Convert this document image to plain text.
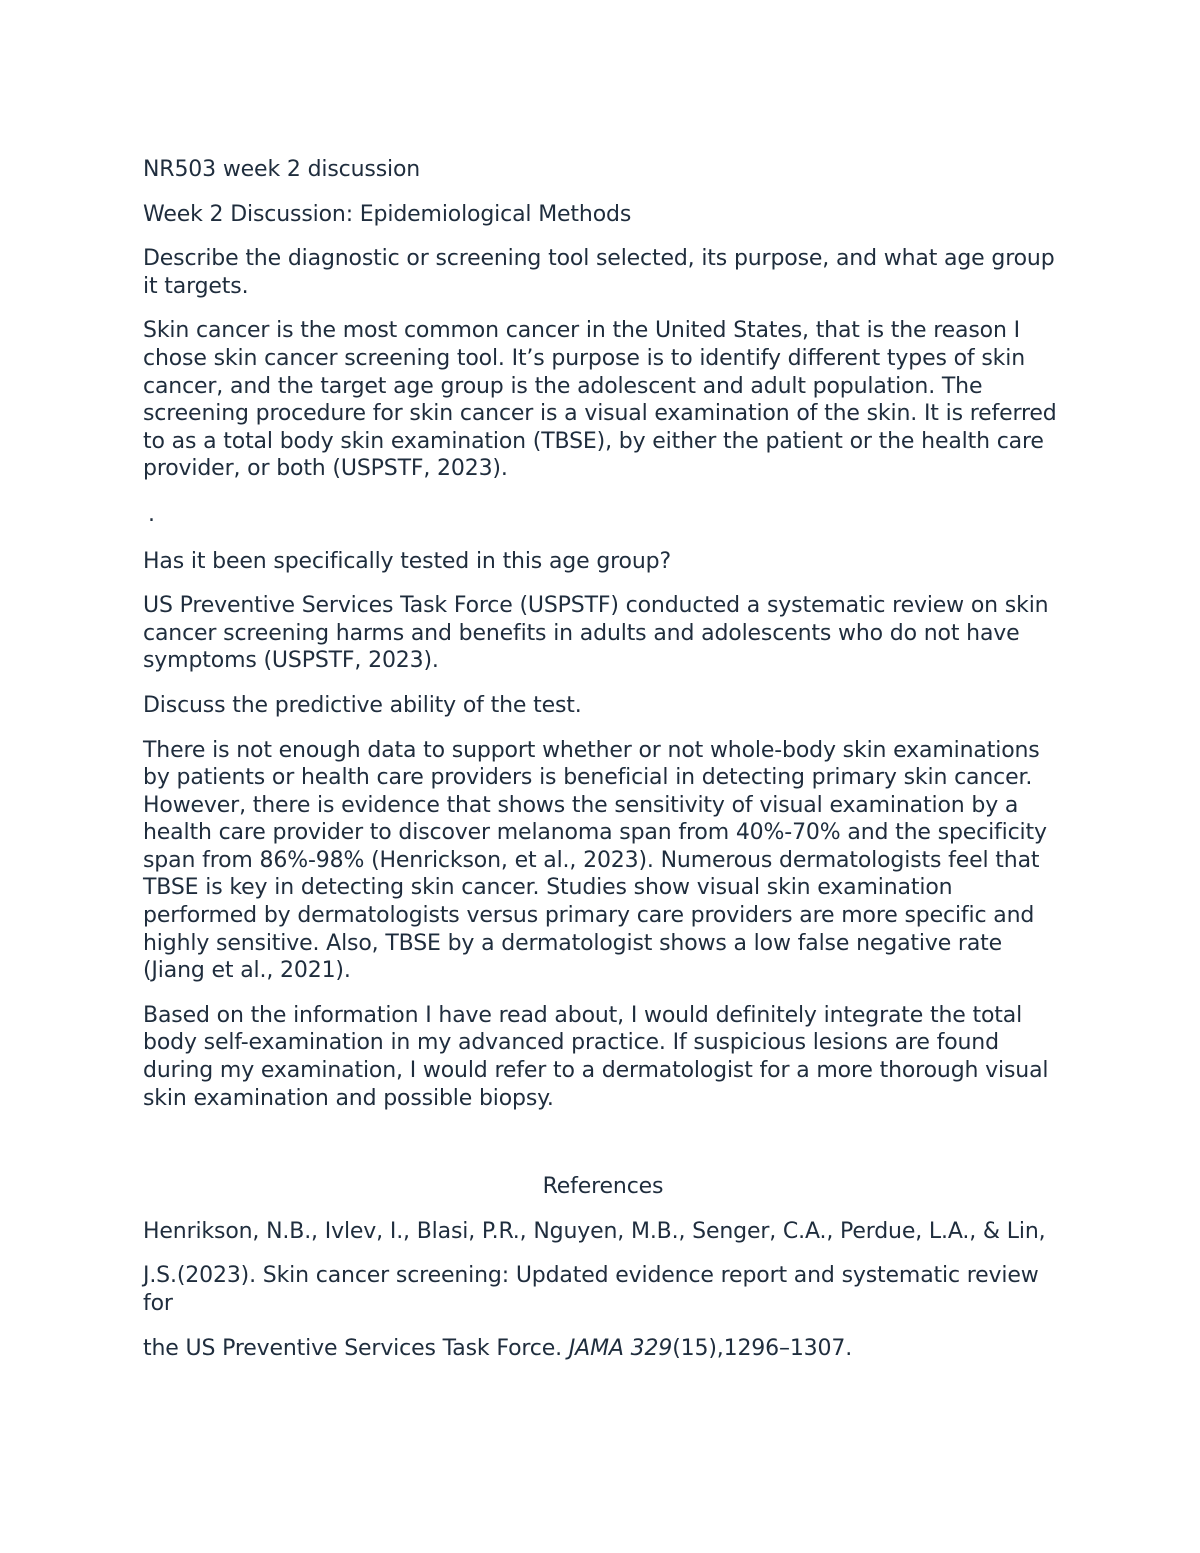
NR503 week 2 discussion

Week 2 Discussion: Epidemiological Methods

Describe the diagnostic or screening tool selected, its purpose, and what age group it targets.

Skin cancer is the most common cancer in the United States, that is the reason I chose skin cancer screening tool. It’s purpose is to identify different types of skin cancer, and the target age group is the adolescent and adult population. The screening procedure for skin cancer is a visual examination of the skin. It is referred to as a total body skin examination (TBSE), by either the patient or the health care provider, or both (USPSTF, 2023).

.

Has it been specifically tested in this age group?

US Preventive Services Task Force (USPSTF) conducted a systematic review on skin cancer screening harms and benefits in adults and adolescents who do not have symptoms (USPSTF, 2023).

Discuss the predictive ability of the test.

There is not enough data to support whether or not whole-body skin examinations by patients or health care providers is beneficial in detecting primary skin cancer. However, there is evidence that shows the sensitivity of visual examination by a health care provider to discover melanoma span from 40%-70% and the specificity span from 86%-98% (Henrickson, et al., 2023). Numerous dermatologists feel that TBSE is key in detecting skin cancer. Studies show visual skin examination performed by dermatologists versus primary care providers are more specific and highly sensitive. Also, TBSE by a dermatologist shows a low false negative rate (Jiang et al., 2021).

Based on the information I have read about, I would definitely integrate the total body self-examination in my advanced practice. If suspicious lesions are found during my examination, I would refer to a dermatologist for a more thorough visual skin examination and possible biopsy.

References

Henrikson, N.B., Ivlev, I., Blasi, P.R., Nguyen, M.B., Senger, C.A., Perdue, L.A., & Lin,

J.S.(2023). Skin cancer screening: Updated evidence report and systematic review for

the US Preventive Services Task Force. JAMA 329(15),1296–1307.
